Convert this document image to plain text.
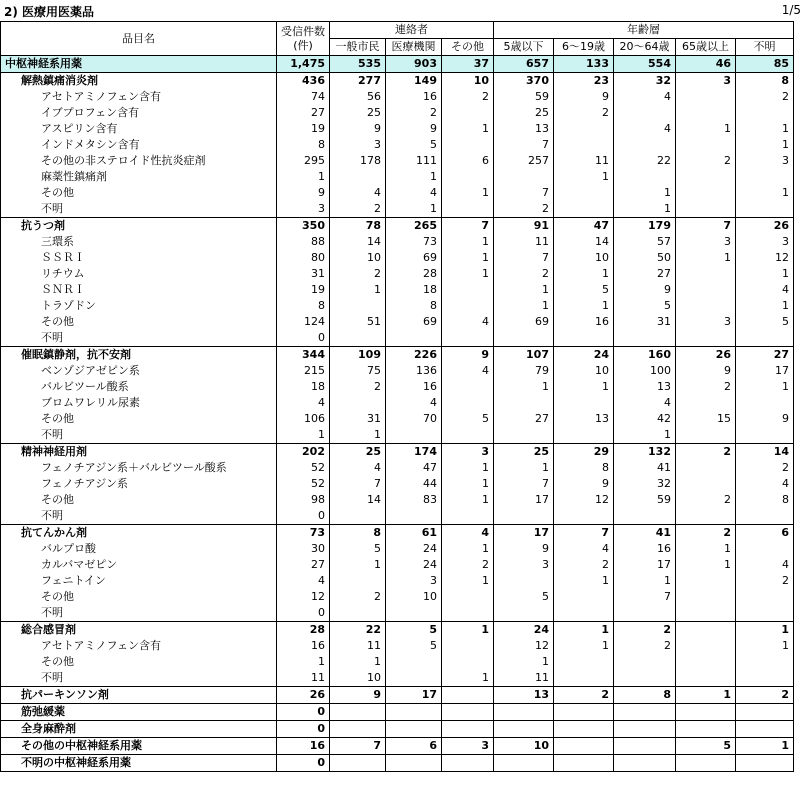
2) 医療用医薬品	1/5
品目名	受信件数
(件)	連絡者			年齢層				
		一般市民	医療機関	その他	5歳以下	6～19歳	20～64歳	65歳以上	不明
中枢神経系用薬	1,475	535	903	37	657	133	554	46	85
解熱鎮痛消炎剤	436	277	149	10	370	23	32	3	8
アセトアミノフェン含有	74	56	16	2	59	9	4		2
イブプロフェン含有	27	25	2		25	2			
アスピリン含有	19	9	9	1	13		4	1	1
インドメタシン含有	8	3	5		7				1
その他の非ステロイド性抗炎症剤	295	178	111	6	257	11	22	2	3
麻薬性鎮痛剤	1		1			1			
その他	9	4	4	1	7		1		1
不明	3	2	1		2		1		
抗うつ剤	350	78	265	7	91	47	179	7	26
三環系	88	14	73	1	11	14	57	3	3
ＳＳＲＩ	80	10	69	1	7	10	50	1	12
リチウム	31	2	28	1	2	1	27		1
ＳＮＲＩ	19	1	18		1	5	9		4
トラゾドン	8		8		1	1	5		1
その他	124	51	69	4	69	16	31	3	5
不明	0								
催眠鎮静剤，抗不安剤	344	109	226	9	107	24	160	26	27
ベンゾジアゼピン系	215	75	136	4	79	10	100	9	17
バルビツール酸系	18	2	16		1	1	13	2	1
ブロムワレリル尿素	4		4				4		
その他	106	31	70	5	27	13	42	15	9
不明	1	1					1		
精神神経用剤	202	25	174	3	25	29	132	2	14
フェノチアジン系＋バルビツール酸系	52	4	47	1	1	8	41		2
フェノチアジン系	52	7	44	1	7	9	32		4
その他	98	14	83	1	17	12	59	2	8
不明	0								
抗てんかん剤	73	8	61	4	17	7	41	2	6
バルプロ酸	30	5	24	1	9	4	16	1	
カルバマゼピン	27	1	24	2	3	2	17	1	4
フェニトイン	4		3	1		1	1		2
その他	12	2	10		5		7		
不明	0								
総合感冒剤	28	22	5	1	24	1	2		1
アセトアミノフェン含有	16	11	5		12	1	2		1
その他	1	1			1				
不明	11	10		1	11				
抗パーキンソン剤	26	9	17		13	2	8	1	2
筋弛緩薬	0								
全身麻酔剤	0								
その他の中枢神経系用薬	16	7	6	3	10			5	1
不明の中枢神経系用薬	0								
